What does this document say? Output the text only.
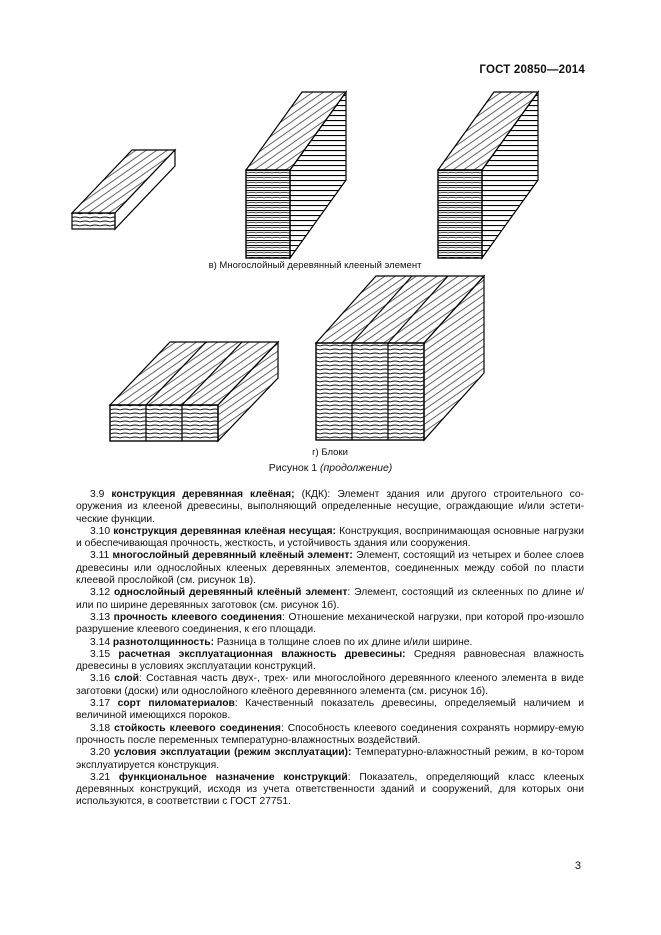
ГОСТ 20850—2014
в) Многослойный деревянный клееный элемент
г) Блоки
Рисунок 1 (продолжение)

3.9 конструкция деревянная клеёная; (КДК): Элемент здания или другого строительного со-оружения из клееной древесины, выполняющий определенные несущие, ограждающие и/или эстети-ческие функции.

3.10 конструкция деревянная клеёная несущая: Конструкция, воспринимающая основные нагрузки и обеспечивающая прочность, жесткость, и устойчивость здания или сооружения.

3.11 многослойный деревянный клеёный элемент: Элемент, состоящий из четырех и более слоев древесины или однослойных клееных деревянных элементов, соединенных между собой по пласти клеевой прослойкой (см. рисунок 1в).

3.12 однослойный деревянный клеёный элемент: Элемент, состоящий из склеенных по длине и/или по ширине деревянных заготовок (см. рисунок 1б).

3.13 прочность клеевого соединения: Отношение механической нагрузки, при которой про-изошло разрушение клеевого соединения, к его площади.

3.14 разнотолщинность: Разница в толщине слоев по их длине и/или ширине.

3.15 расчетная эксплуатационная влажность древесины: Средняя равновесная влажность древесины в условиях эксплуатации конструкций.

3.16 слой: Составная часть двух-, трех- или многослойного деревянного клееного элемента в виде заготовки (доски) или однослойного клеёного деревянного элемента (см. рисунок 1б).

3.17 сорт пиломатериалов: Качественный показатель древесины, определяемый наличием и величиной имеющихся пороков.

3.18 стойкость клеевого соединения: Способность клеевого соединения сохранять нормиру-емую прочность после переменных температурно-влажностных воздействий.

3.20 условия эксплуатации (режим эксплуатации): Температурно-влажностный режим, в ко-тором эксплуатируется конструкция.

3.21 функциональное назначение конструкций: Показатель, определяющий класс клееных деревянных конструкций, исходя из учета ответственности зданий и сооружений, для которых они используются, в соответствии с ГОСТ 27751.

3
